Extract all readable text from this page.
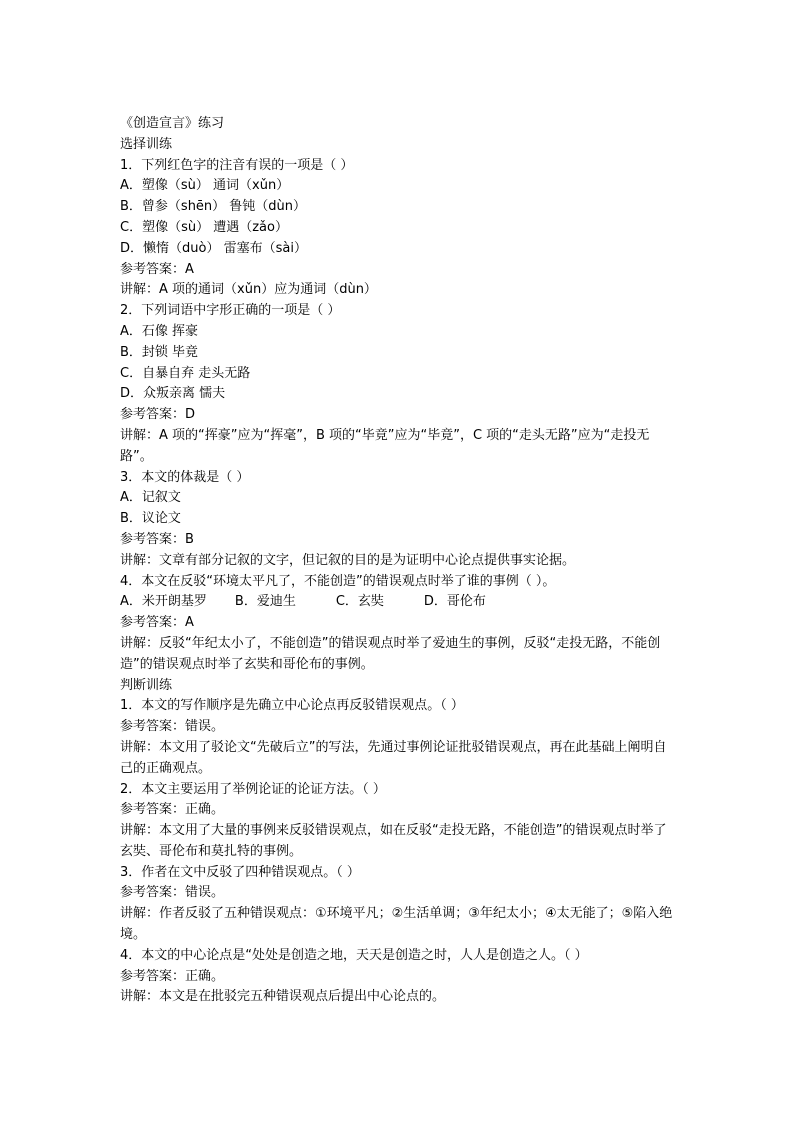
《创造宣言》练习
选择训练
1．下列红色字的注音有误的一项是（ ）
A．塑像（sù） 通词（xǔn）
B．曾参（shēn） 鲁钝（dùn）
C．塑像（sù） 遭遇（zǎo）
D．懒惰（duò） 雷塞布（sài）
参考答案：A
讲解：A 项的通词（xǔn）应为通词（dùn）
2．下列词语中字形正确的一项是（ ）
A．石像 挥豪
B．封锁 毕竟
C．自暴自弃 走头无路
D．众叛亲离 懦夫
参考答案：D
讲解：A 项的“挥豪”应为“挥毫”，B 项的“毕竟”应为“毕竟”，C 项的“走头无路”应为“走投无路”。
3．本文的体裁是（ ）
A．记叙文
B．议论文
参考答案：B
讲解：文章有部分记叙的文字，但记叙的目的是为证明中心论点提供事实论据。
4．本文在反驳“环境太平凡了，不能创造”的错误观点时举了谁的事例（ ）。
A．米开朗基罗 B．爱迪生	C．玄奘	D．哥伦布
参考答案：A
讲解：反驳“年纪太小了，不能创造”的错误观点时举了爱迪生的事例，反驳“走投无路，不能创造”的错误观点时举了玄奘和哥伦布的事例。
判断训练
1．本文的写作顺序是先确立中心论点再反驳错误观点。（ ）
参考答案：错误。
讲解：本文用了驳论文“先破后立”的写法，先通过事例论证批驳错误观点，再在此基础上阐明自己的正确观点。
2．本文主要运用了举例论证的论证方法。（ ）
参考答案：正确。
讲解：本文用了大量的事例来反驳错误观点，如在反驳“走投无路，不能创造”的错误观点时举了玄奘、哥伦布和莫扎特的事例。
3．作者在文中反驳了四种错误观点。（ ）
参考答案：错误。
讲解：作者反驳了五种错误观点：①环境平凡；②生活单调；③年纪太小；④太无能了；⑤陷入绝境。
4．本文的中心论点是“处处是创造之地，天天是创造之时，人人是创造之人。（ ）
参考答案：正确。
讲解：本文是在批驳完五种错误观点后提出中心论点的。
